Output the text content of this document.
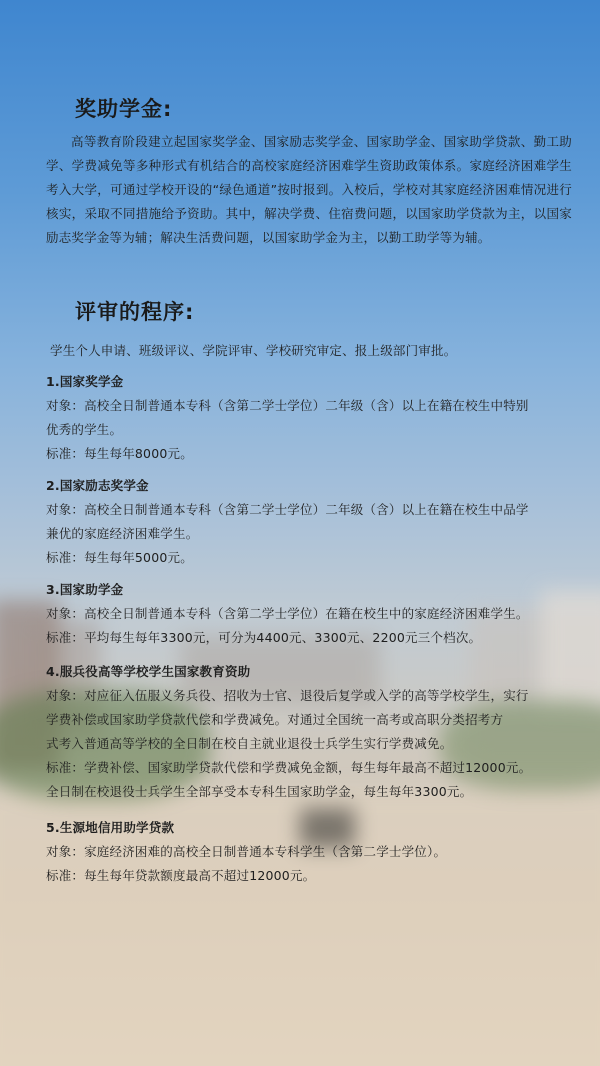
奖助学金:

高等教育阶段建立起国家奖学金、国家励志奖学金、国家助学金、国家助学贷款、勤工助学、学费减免等多种形式有机结合的高校家庭经济困难学生资助政策体系。家庭经济困难学生考入大学，可通过学校开设的“绿色通道”按时报到。入校后，学校对其家庭经济困难情况进行核实，采取不同措施给予资助。其中，解决学费、住宿费问题，以国家助学贷款为主，以国家励志奖学金等为辅；解决生活费问题，以国家助学金为主，以勤工助学等为辅。

评审的程序:

学生个人申请、班级评议、学院评审、学校研究审定、报上级部门审批。

1.国家奖学金

对象：高校全日制普通本专科（含第二学士学位）二年级（含）以上在籍在校生中特别

优秀的学生。

标准：每生每年8000元。

2.国家励志奖学金

对象：高校全日制普通本专科（含第二学士学位）二年级（含）以上在籍在校生中品学

兼优的家庭经济困难学生。

标准：每生每年5000元。

3.国家助学金

对象：高校全日制普通本专科（含第二学士学位）在籍在校生中的家庭经济困难学生。

标准：平均每生每年3300元，可分为4400元、3300元、2200元三个档次。

4.服兵役高等学校学生国家教育资助

对象：对应征入伍服义务兵役、招收为士官、退役后复学或入学的高等学校学生，实行

学费补偿或国家助学贷款代偿和学费减免。对通过全国统一高考或高职分类招考方

式考入普通高等学校的全日制在校自主就业退役士兵学生实行学费减免。

标准：学费补偿、国家助学贷款代偿和学费减免金额，每生每年最高不超过12000元。

全日制在校退役士兵学生全部享受本专科生国家助学金，每生每年3300元。

5.生源地信用助学贷款

对象：家庭经济困难的高校全日制普通本专科学生（含第二学士学位）。

标准：每生每年贷款额度最高不超过12000元。
